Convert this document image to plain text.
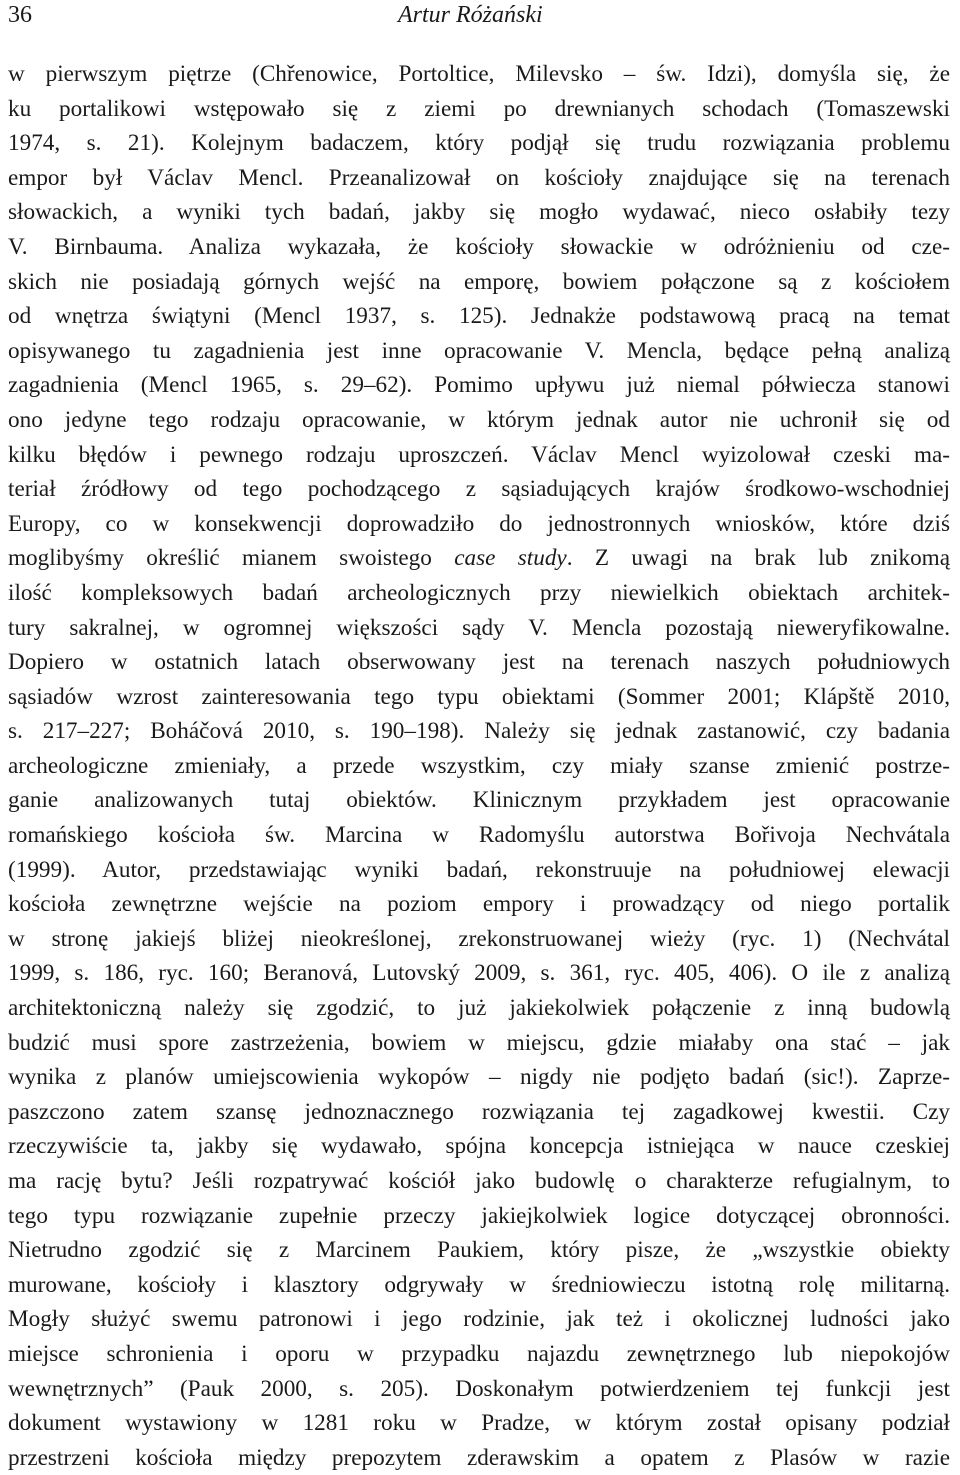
36	Artur Różański
w pierwszym piętrze (Chřenowice, Portoltice, Milevsko – św. Idzi), domyśla się, że
ku portalikowi wstępowało się z ziemi po drewnianych schodach (Tomaszewski
1974, s. 21). Kolejnym badaczem, który podjął się trudu rozwiązania problemu
empor był Václav Mencl. Przeanalizował on kościoły znajdujące się na terenach
słowackich, a wyniki tych badań, jakby się mogło wydawać, nieco osłabiły tezy
V. Birnbauma. Analiza wykazała, że kościoły słowackie w odróżnieniu od cze-
skich nie posiadają górnych wejść na emporę, bowiem połączone są z kościołem
od wnętrza świątyni (Mencl 1937, s. 125). Jednakże podstawową pracą na temat
opisywanego tu zagadnienia jest inne opracowanie V. Mencla, będące pełną analizą
zagadnienia (Mencl 1965, s. 29–62). Pomimo upływu już niemal półwiecza stanowi
ono jedyne tego rodzaju opracowanie, w którym jednak autor nie uchronił się od
kilku błędów i pewnego rodzaju uproszczeń. Václav Mencl wyizolował czeski ma-
teriał źródłowy od tego pochodzącego z sąsiadujących krajów środkowo-wschodniej
Europy, co w konsekwencji doprowadziło do jednostronnych wniosków, które dziś
moglibyśmy określić mianem swoistego case study. Z uwagi na brak lub znikomą
ilość kompleksowych badań archeologicznych przy niewielkich obiektach architek-
tury sakralnej, w ogromnej większości sądy V. Mencla pozostają nieweryfikowalne.
Dopiero w ostatnich latach obserwowany jest na terenach naszych południowych
sąsiadów wzrost zainteresowania tego typu obiektami (Sommer 2001; Klápště 2010,
s. 217–227; Boháčová 2010, s. 190–198). Należy się jednak zastanowić, czy badania
archeologiczne zmieniały, a przede wszystkim, czy miały szanse zmienić postrze-
ganie analizowanych tutaj obiektów. Klinicznym przykładem jest opracowanie
romańskiego kościoła św. Marcina w Radomyślu autorstwa Bořivoja Nechvátala
(1999). Autor, przedstawiając wyniki badań, rekonstruuje na południowej elewacji
kościoła zewnętrzne wejście na poziom empory i prowadzący od niego portalik
w stronę jakiejś bliżej nieokreślonej, zrekonstruowanej wieży (ryc. 1) (Nechvátal
1999, s. 186, ryc. 160; Beranová, Lutovský 2009, s. 361, ryc. 405, 406). O ile z analizą
architektoniczną należy się zgodzić, to już jakiekolwiek połączenie z inną budowlą
budzić musi spore zastrzeżenia, bowiem w miejscu, gdzie miałaby ona stać – jak
wynika z planów umiejscowienia wykopów – nigdy nie podjęto badań (sic!). Zaprze-
paszczono zatem szansę jednoznacznego rozwiązania tej zagadkowej kwestii. Czy
rzeczywiście ta, jakby się wydawało, spójna koncepcja istniejąca w nauce czeskiej
ma rację bytu? Jeśli rozpatrywać kościół jako budowlę o charakterze refugialnym, to
tego typu rozwiązanie zupełnie przeczy jakiejkolwiek logice dotyczącej obronności.
Nietrudno zgodzić się z Marcinem Paukiem, który pisze, że „wszystkie obiekty
murowane, kościoły i klasztory odgrywały w średniowieczu istotną rolę militarną.
Mogły służyć swemu patronowi i jego rodzinie, jak też i okolicznej ludności jako
miejsce schronienia i oporu w przypadku najazdu zewnętrznego lub niepokojów
wewnętrznych” (Pauk 2000, s. 205). Doskonałym potwierdzeniem tej funkcji jest
dokument wystawiony w 1281 roku w Pradze, w którym został opisany podział
przestrzeni kościoła między prepozytem zderawskim a opatem z Plasów w razie
